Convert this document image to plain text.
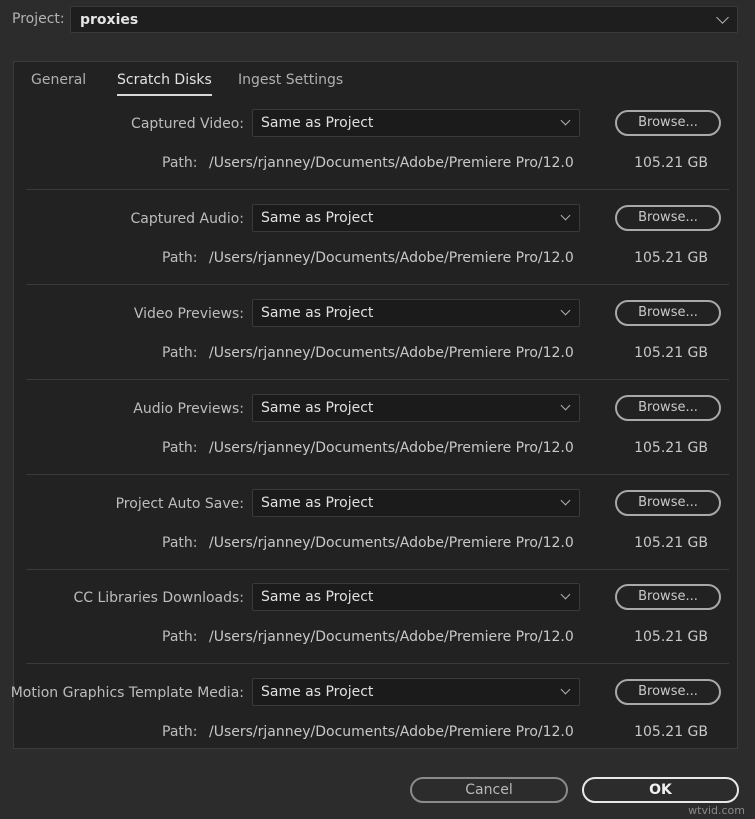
Project: proxies
General Scratch Disks Ingest Settings
Captured Video: Same as Project	Browse...
Path: /Users/rjanney/Documents/Adobe/Premiere Pro/12.0	105.21 GB
Captured Audio: Same as Project	Browse...
Path: /Users/rjanney/Documents/Adobe/Premiere Pro/12.0	105.21 GB
Video Previews: Same as Project	Browse...
Path: /Users/rjanney/Documents/Adobe/Premiere Pro/12.0	105.21 GB
Audio Previews: Same as Project	Browse...
Path: /Users/rjanney/Documents/Adobe/Premiere Pro/12.0	105.21 GB
Project Auto Save: Same as Project	Browse...
Path: /Users/rjanney/Documents/Adobe/Premiere Pro/12.0	105.21 GB
CC Libraries Downloads: Same as Project	Browse...
Path: /Users/rjanney/Documents/Adobe/Premiere Pro/12.0	105.21 GB
Motion Graphics Template Media: Same as Project	Browse...
Path: /Users/rjanney/Documents/Adobe/Premiere Pro/12.0	105.21 GB
Cancel	OK
wtvid.com
